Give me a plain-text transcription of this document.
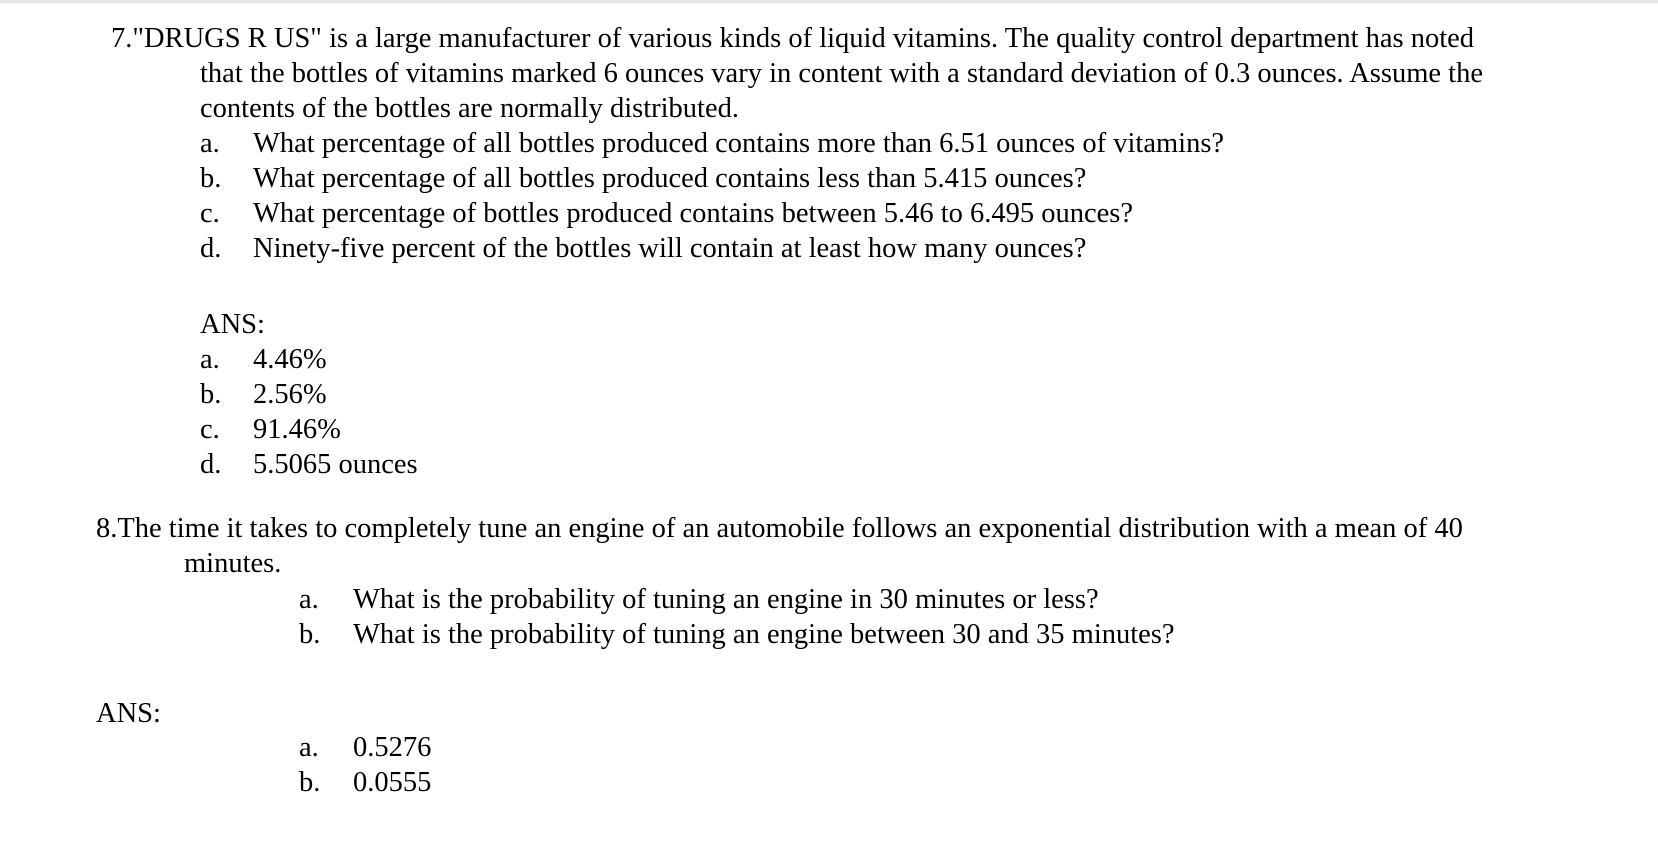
7."DRUGS R US" is a large manufacturer of various kinds of liquid vitamins. The quality control department has noted
that the bottles of vitamins marked 6 ounces vary in content with a standard deviation of 0.3 ounces. Assume the
contents of the bottles are normally distributed.
a. What percentage of all bottles produced contains more than 6.51 ounces of vitamins?
b. What percentage of all bottles produced contains less than 5.415 ounces?
c. What percentage of bottles produced contains between 5.46 to 6.495 ounces?
d. Ninety-five percent of the bottles will contain at least how many ounces?
ANS:
a. 4.46%
b. 2.56%
c. 91.46%
d. 5.5065 ounces
8.The time it takes to completely tune an engine of an automobile follows an exponential distribution with a mean of 40
minutes.
a. What is the probability of tuning an engine in 30 minutes or less?
b. What is the probability of tuning an engine between 30 and 35 minutes?
ANS:
a. 0.5276
b. 0.0555
